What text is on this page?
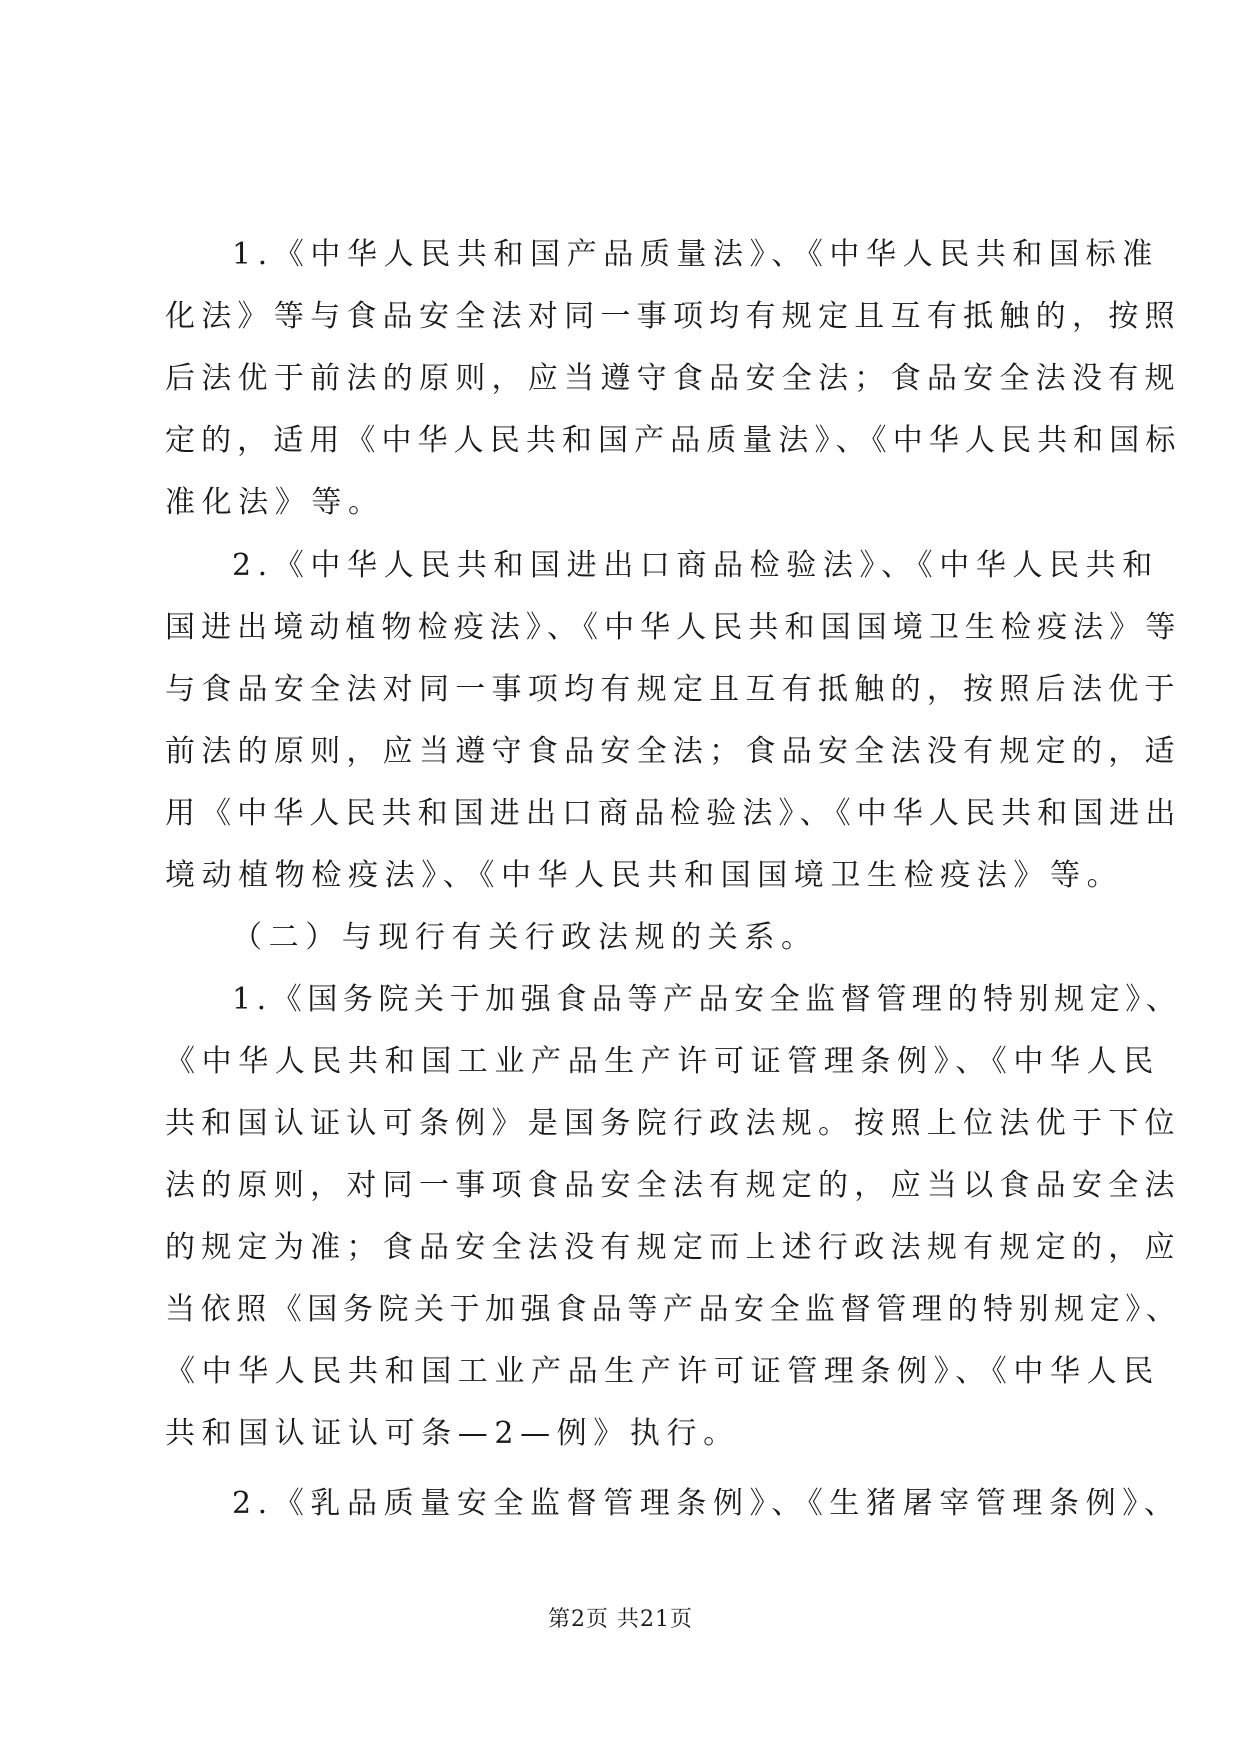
1.《中华人民共和国产品质量法》、《中华人民共和国标准
化法》等与食品安全法对同一事项均有规定且互有抵触的，按照
后法优于前法的原则，应当遵守食品安全法；食品安全法没有规
定的，适用《中华人民共和国产品质量法》、《中华人民共和国标
准化法》等。
2.《中华人民共和国进出口商品检验法》、《中华人民共和
国进出境动植物检疫法》、《中华人民共和国国境卫生检疫法》等
与食品安全法对同一事项均有规定且互有抵触的，按照后法优于
前法的原则，应当遵守食品安全法；食品安全法没有规定的，适
用《中华人民共和国进出口商品检验法》、《中华人民共和国进出
境动植物检疫法》、《中华人民共和国国境卫生检疫法》等。
（二）与现行有关行政法规的关系。
1.《国务院关于加强食品等产品安全监督管理的特别规定》、
《中华人民共和国工业产品生产许可证管理条例》、《中华人民
共和国认证认可条例》是国务院行政法规。按照上位法优于下位
法的原则，对同一事项食品安全法有规定的，应当以食品安全法
的规定为准；食品安全法没有规定而上述行政法规有规定的，应
当依照《国务院关于加强食品等产品安全监督管理的特别规定》、
《中华人民共和国工业产品生产许可证管理条例》、《中华人民
共和国认证认可条—2—例》执行。
2.《乳品质量安全监督管理条例》、《生猪屠宰管理条例》、
第2页 共21页
